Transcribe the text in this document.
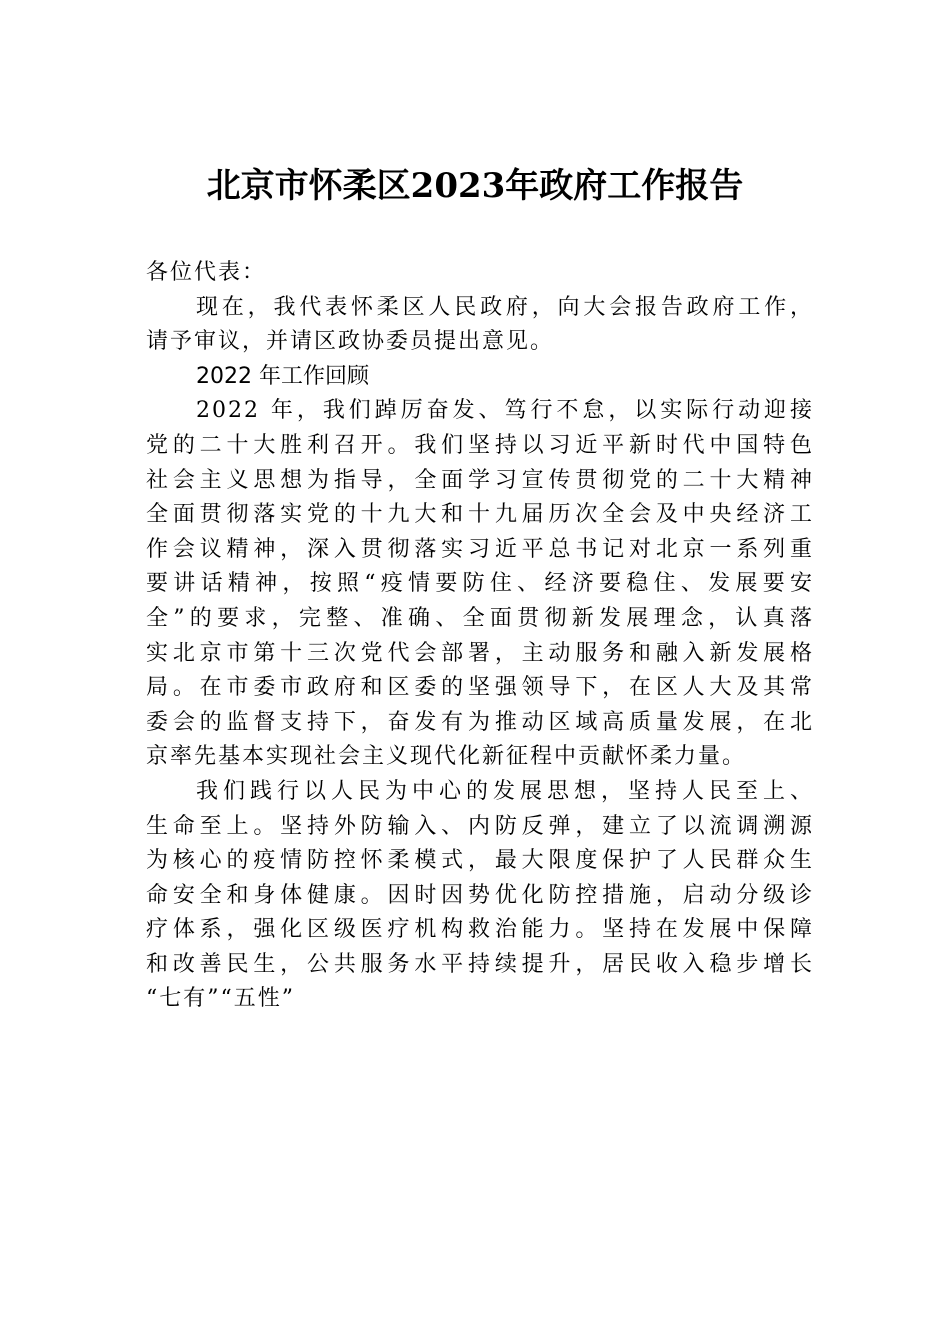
北京市怀柔区2023年政府工作报告
各位代表：
现在，我代表怀柔区人民政府，向大会报告政府工作，
请予审议，并请区政协委员提出意见。
2022 年工作回顾
2022 年，我们踔厉奋发、笃行不怠，以实际行动迎接
党的二十大胜利召开。我们坚持以习近平新时代中国特色
社会主义思想为指导，全面学习宣传贯彻党的二十大精神
全面贯彻落实党的十九大和十九届历次全会及中央经济工
作会议精神，深入贯彻落实习近平总书记对北京一系列重
要讲话精神，按照“疫情要防住、经济要稳住、发展要安
全”的要求，完整、准确、全面贯彻新发展理念，认真落
实北京市第十三次党代会部署，主动服务和融入新发展格
局。在市委市政府和区委的坚强领导下，在区人大及其常
委会的监督支持下，奋发有为推动区域高质量发展，在北
京率先基本实现社会主义现代化新征程中贡献怀柔力量。
我们践行以人民为中心的发展思想，坚持人民至上、
生命至上。坚持外防输入、内防反弹，建立了以流调溯源
为核心的疫情防控怀柔模式，最大限度保护了人民群众生
命安全和身体健康。因时因势优化防控措施，启动分级诊
疗体系，强化区级医疗机构救治能力。坚持在发展中保障
和改善民生，公共服务水平持续提升，居民收入稳步增长
“七有”“五性”
